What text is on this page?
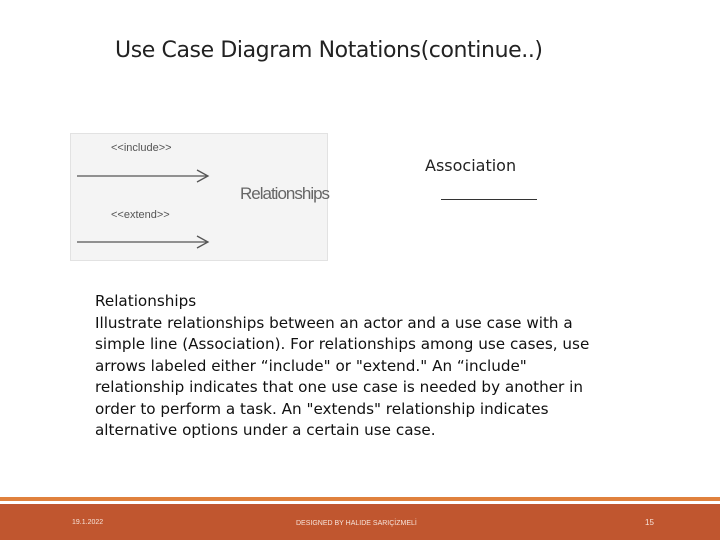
Use Case Diagram Notations(continue..)
<<include>>
<<extend>>
Relationships
Association
Relationships
Illustrate relationships between an actor and a use case with a simple line (Association). For relationships among use cases, use arrows labeled either “include" or "extend." An “include" relationship indicates that one use case is needed by another in order to perform a task. An "extends" relationship indicates alternative options under a certain use case.
19.1.2022	DESIGNED BY HALIDE SARIÇİZMELİ	15
